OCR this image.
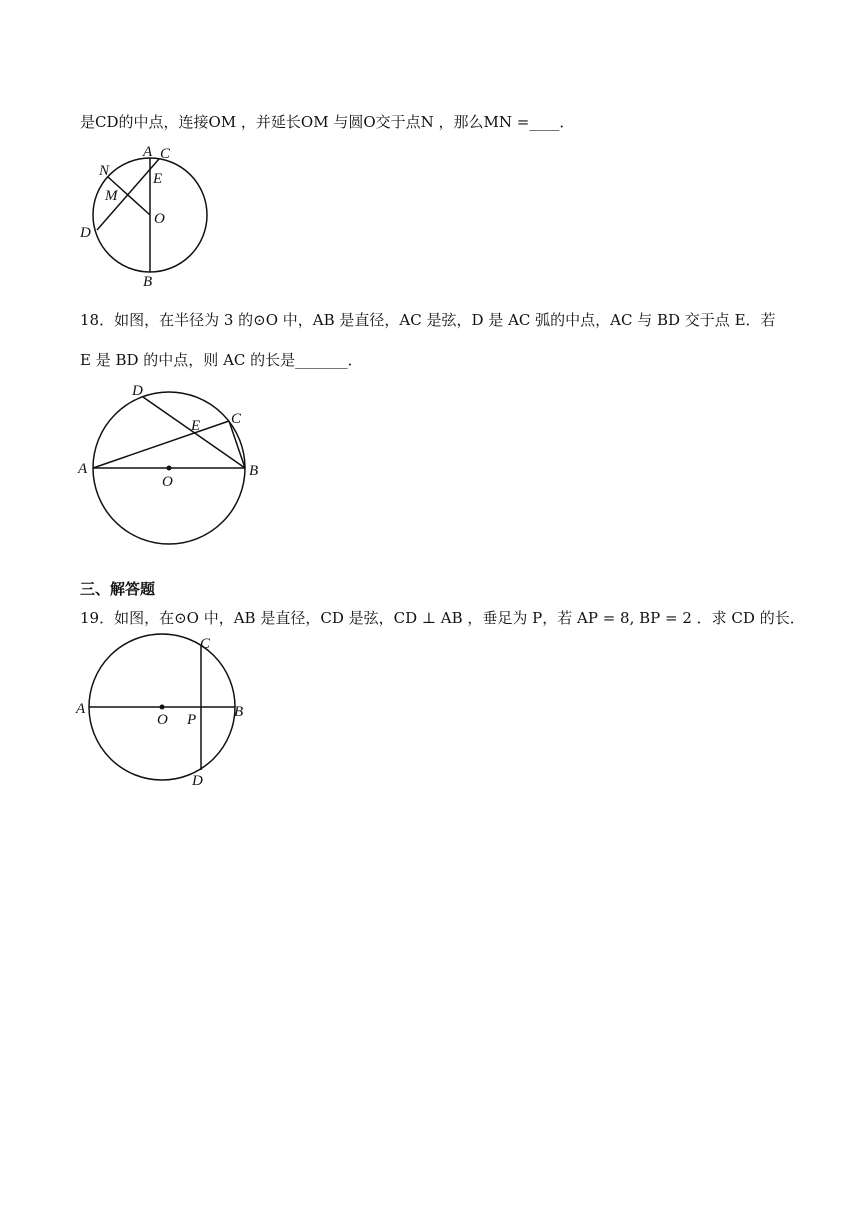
是CD的中点，连接OM ，并延长OM 与圆O交于点N ，那么MN =____．
A C
N	E
M
O
D
B
18．如图，在半径为 3 的⊙O 中，AB 是直径，AC 是弦，D 是 AC 弧的中点，AC 与 BD 交于点 E．若
E 是 BD 的中点，则 AC 的长是_______．
D
C
E
A
O
B
三、解答题
19．如图，在⊙O 中，AB 是直径，CD 是弦，CD ⊥ AB ，垂足为 P，若 AP = 8, BP = 2 ．求 CD 的长．
C
A
O P	B
D
